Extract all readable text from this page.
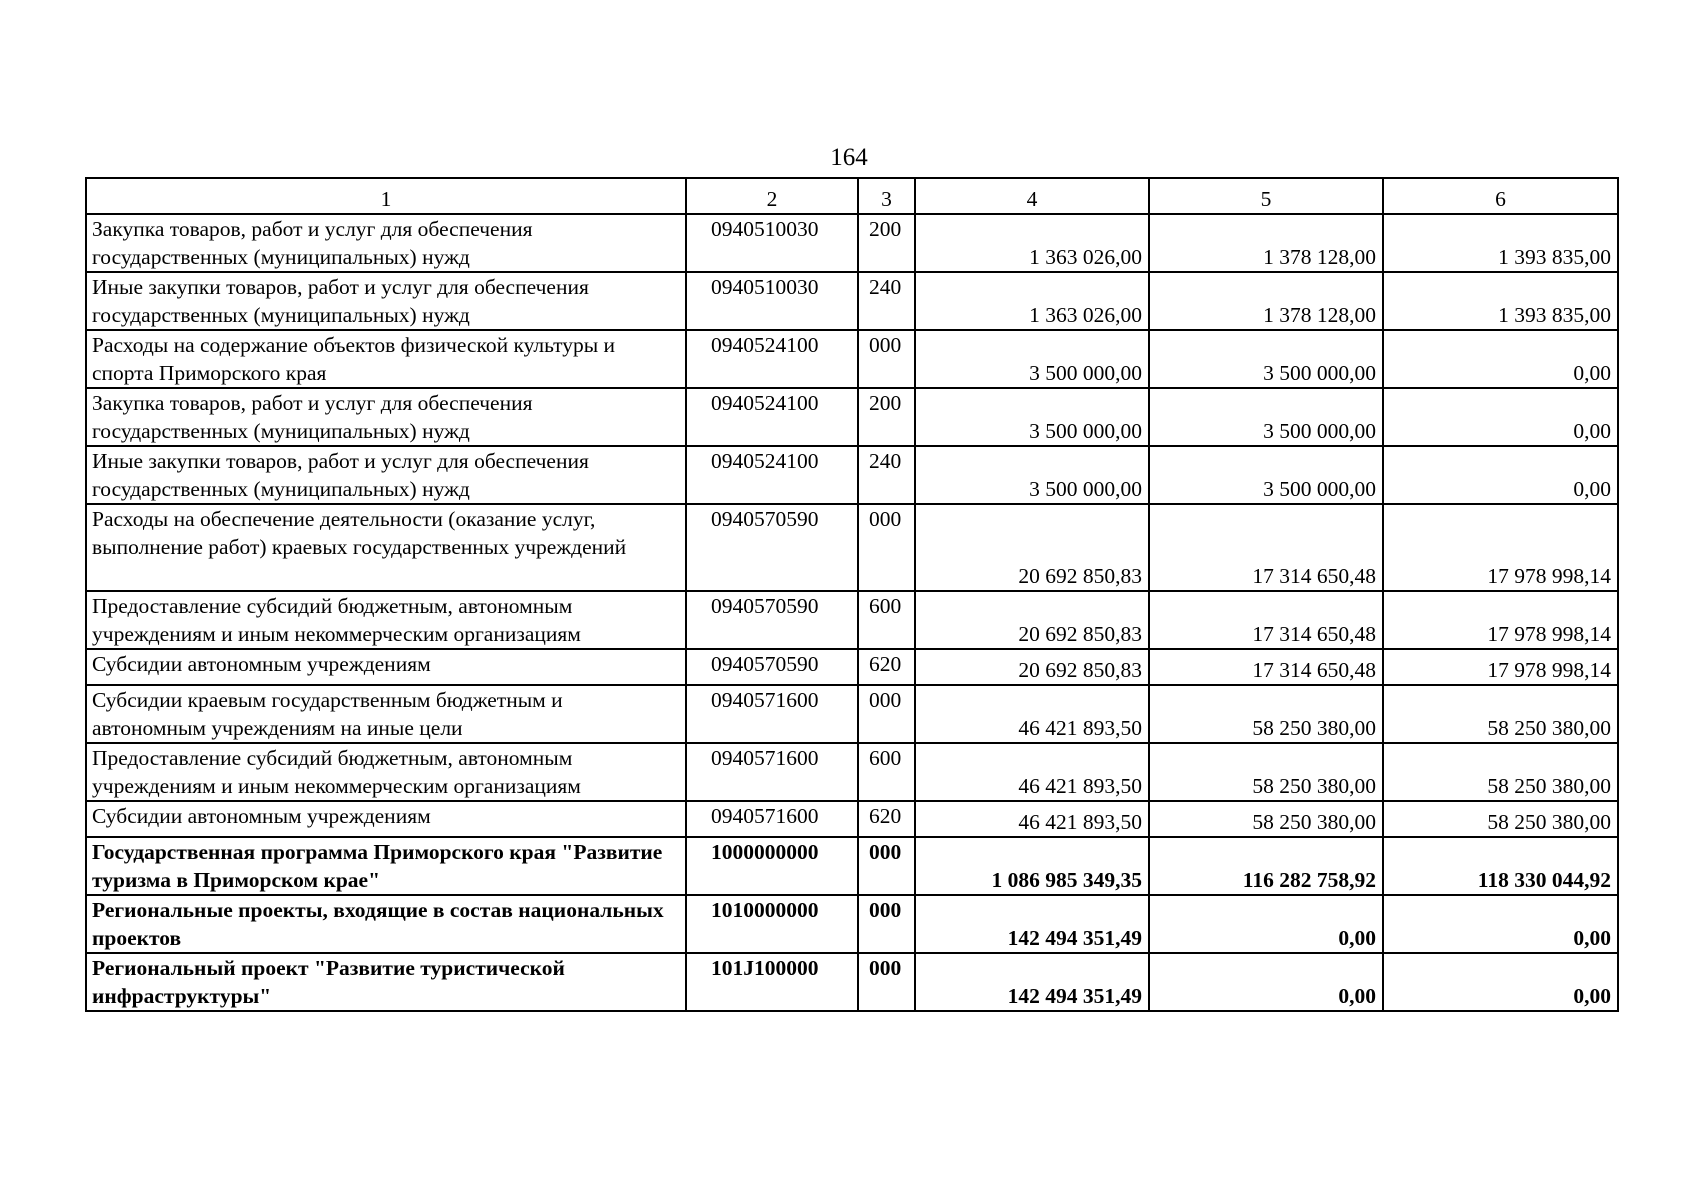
164
1	2	3	4	5	6
Закупка товаров, работ и услуг для обеспечения государственных (муниципальных) нужд	0940510030	200	1 363 026,00	1 378 128,00	1 393 835,00
Иные закупки товаров, работ и услуг для обеспечения государственных (муниципальных) нужд	0940510030	240	1 363 026,00	1 378 128,00	1 393 835,00
Расходы на содержание объектов физической культуры и спорта Приморского края	0940524100	000	3 500 000,00	3 500 000,00	0,00
Закупка товаров, работ и услуг для обеспечения государственных (муниципальных) нужд	0940524100	200	3 500 000,00	3 500 000,00	0,00
Иные закупки товаров, работ и услуг для обеспечения государственных (муниципальных) нужд	0940524100	240	3 500 000,00	3 500 000,00	0,00
Расходы на обеспечение деятельности (оказание услуг, выполнение работ) краевых государственных учреждений	0940570590	000	20 692 850,83	17 314 650,48	17 978 998,14
Предоставление субсидий бюджетным, автономным учреждениям и иным некоммерческим организациям	0940570590	600	20 692 850,83	17 314 650,48	17 978 998,14
Субсидии автономным учреждениям	0940570590	620	20 692 850,83	17 314 650,48	17 978 998,14
Субсидии краевым государственным бюджетным и автономным учреждениям на иные цели	0940571600	000	46 421 893,50	58 250 380,00	58 250 380,00
Предоставление субсидий бюджетным, автономным учреждениям и иным некоммерческим организациям	0940571600	600	46 421 893,50	58 250 380,00	58 250 380,00
Субсидии автономным учреждениям	0940571600	620	46 421 893,50	58 250 380,00	58 250 380,00
Государственная программа Приморского края "Развитие туризма в Приморском крае"	1000000000	000	1 086 985 349,35	116 282 758,92	118 330 044,92
Региональные проекты, входящие в состав национальных проектов	1010000000	000	142 494 351,49	0,00	0,00
Региональный проект "Развитие туристической инфраструктуры"	101J100000	000	142 494 351,49	0,00	0,00
